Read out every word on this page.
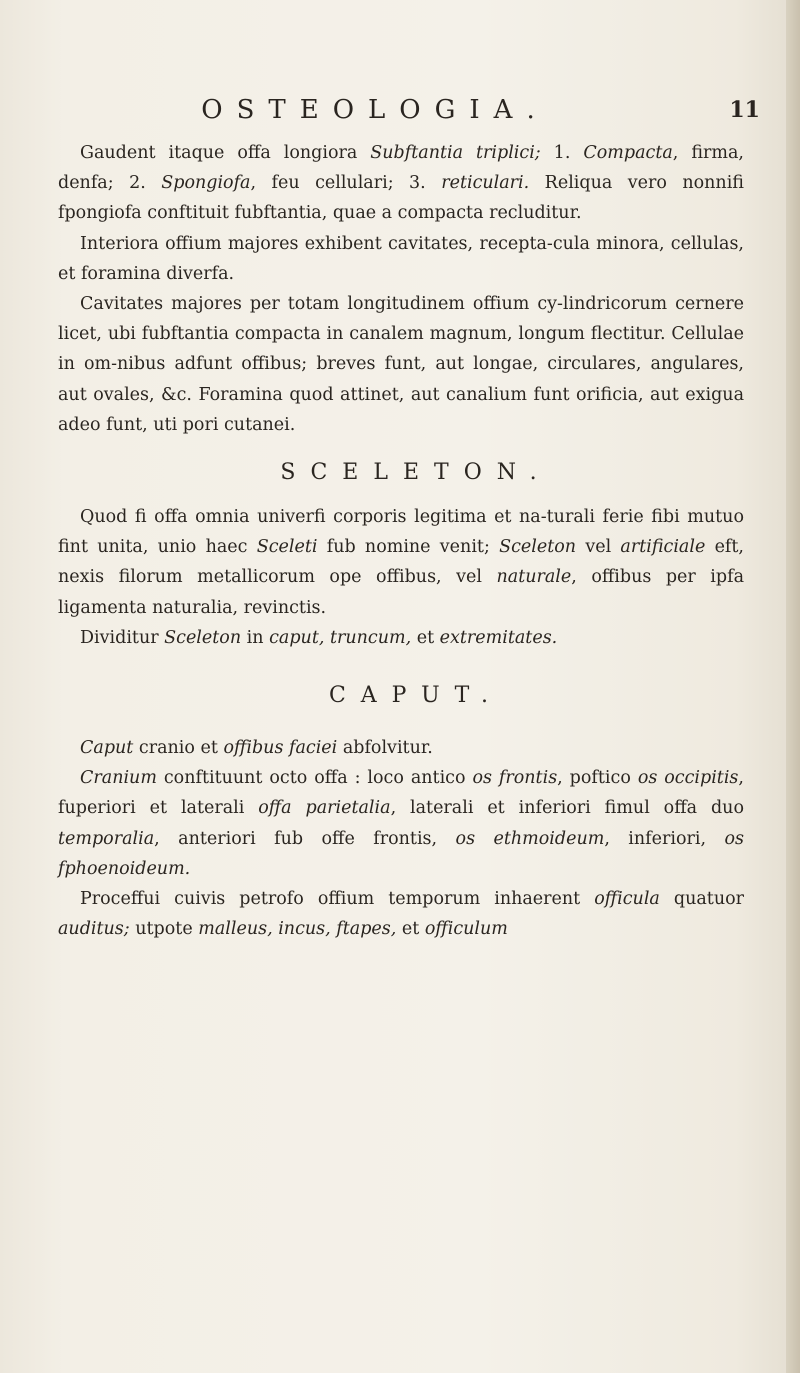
OSTEOLOGIA.	11

Gaudent itaque offa longiora Subftantia triplici; 1. Compacta, firma, denfa; 2. Spongiofa, feu cellulari; 3. reticulari. Reliqua vero nonnifi fpongiofa conftituit fubftantia, quae a compacta recluditur.

Interiora offium majores exhibent cavitates, recepta-cula minora, cellulas, et foramina diverfa.

Cavitates majores per totam longitudinem offium cy-lindricorum cernere licet, ubi fubftantia compacta in canalem magnum, longum flectitur. Cellulae in om-nibus adfunt offibus; breves funt, aut longae, circulares, angulares, aut ovales, &c. Foramina quod attinet, aut canalium funt orificia, aut exigua adeo funt, uti pori cutanei.

SCELETON.

Quod fi offa omnia univerfi corporis legitima et na-turali ferie fibi mutuo fint unita, unio haec Sceleti fub nomine venit; Sceleton vel artificiale eft, nexis filorum metallicorum ope offibus, vel naturale, offibus per ipfa ligamenta naturalia, revinctis.

Dividitur Sceleton in caput, truncum, et extremitates.

CAPUT.

Caput cranio et offibus faciei abfolvitur.

Cranium conftituunt octo offa : loco antico os frontis, poftico os occipitis, fuperiori et laterali offa parietalia, laterali et inferiori fimul offa duo temporalia, anteriori fub offe frontis, os ethmoideum, inferiori, os fphoenoideum.

Proceffui cuivis petrofo offium temporum inhaerent officula quatuor auditus; utpote malleus, incus, ftapes, et officulum
